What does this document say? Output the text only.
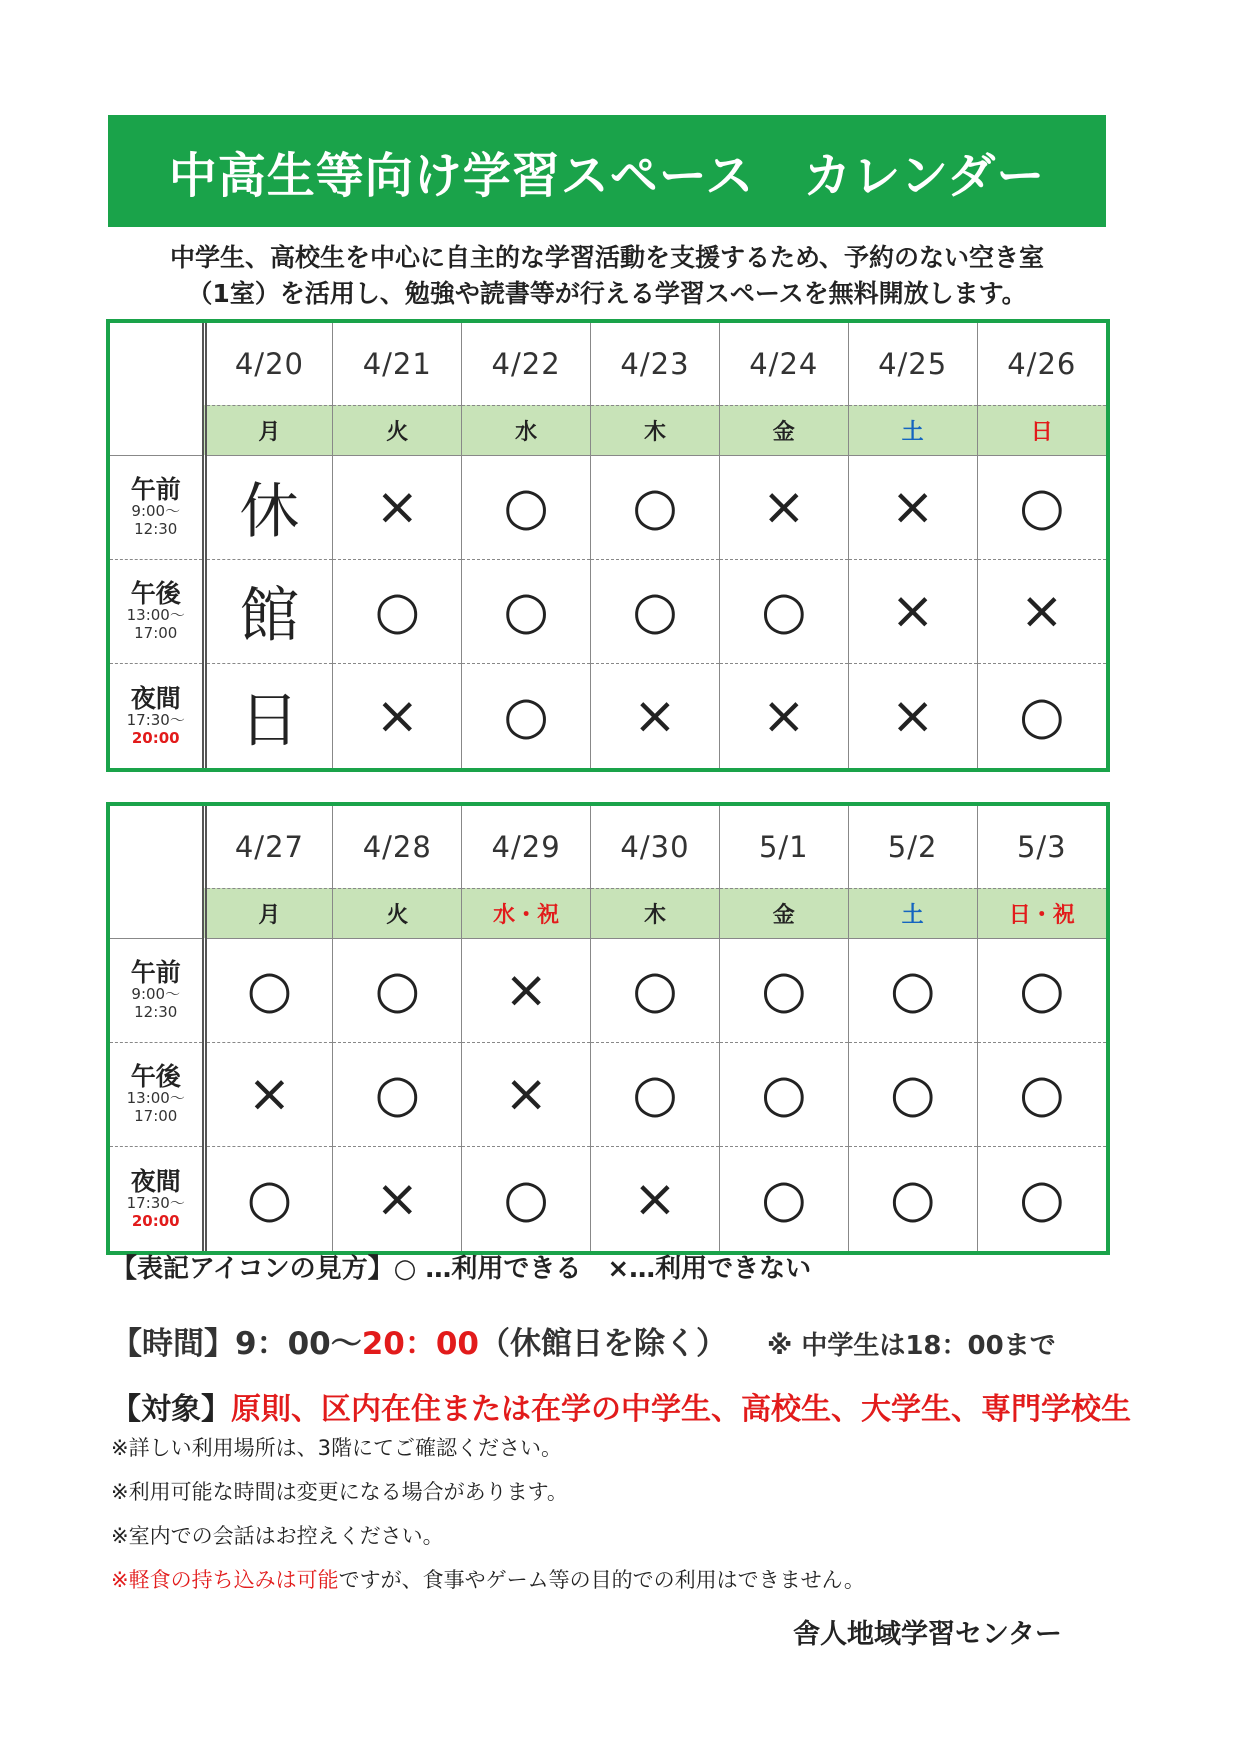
中高生等向け学習スペース　カレンダー
中学生、高校生を中心に自主的な学習活動を支援するため、予約のない空き室
（1室）を活用し、勉強や読書等が行える学習スペースを無料開放します。
	4/20	4/21	4/22	4/23	4/24	4/25	4/26
	月	火	水	木	金	土	日

午前
9:00～
12:30	休	×	○	○	×	×	○

午後
13:00～
17:00	館	○	○	○	○	×	×

夜間
17:30～
20:00	日	×	○	×	×	×	○
	4/27	4/28	4/29	4/30	5/1	5/2	5/3
	月	火	水・祝	木	金	土	日・祝

午前
9:00～
12:30	○	○	×	○	○	○	○

午後
13:00～
17:00	×	○	×	○	○	○	○

夜間
17:30～
20:00	○	×	○	×	○	○	○
【表記アイコンの見方】○ …利用できる　×…利用できない
【時間】9：00～20：00（休館日を除く） ※ 中学生は18：00まで
【対象】原則、区内在住または在学の中学生、高校生、大学生、専門学校生
※詳しい利用場所は、3階にてご確認ください。
※利用可能な時間は変更になる場合があります。
※室内での会話はお控えください。
※軽食の持ち込みは可能ですが、食事やゲーム等の目的での利用はできません。
舎人地域学習センター
